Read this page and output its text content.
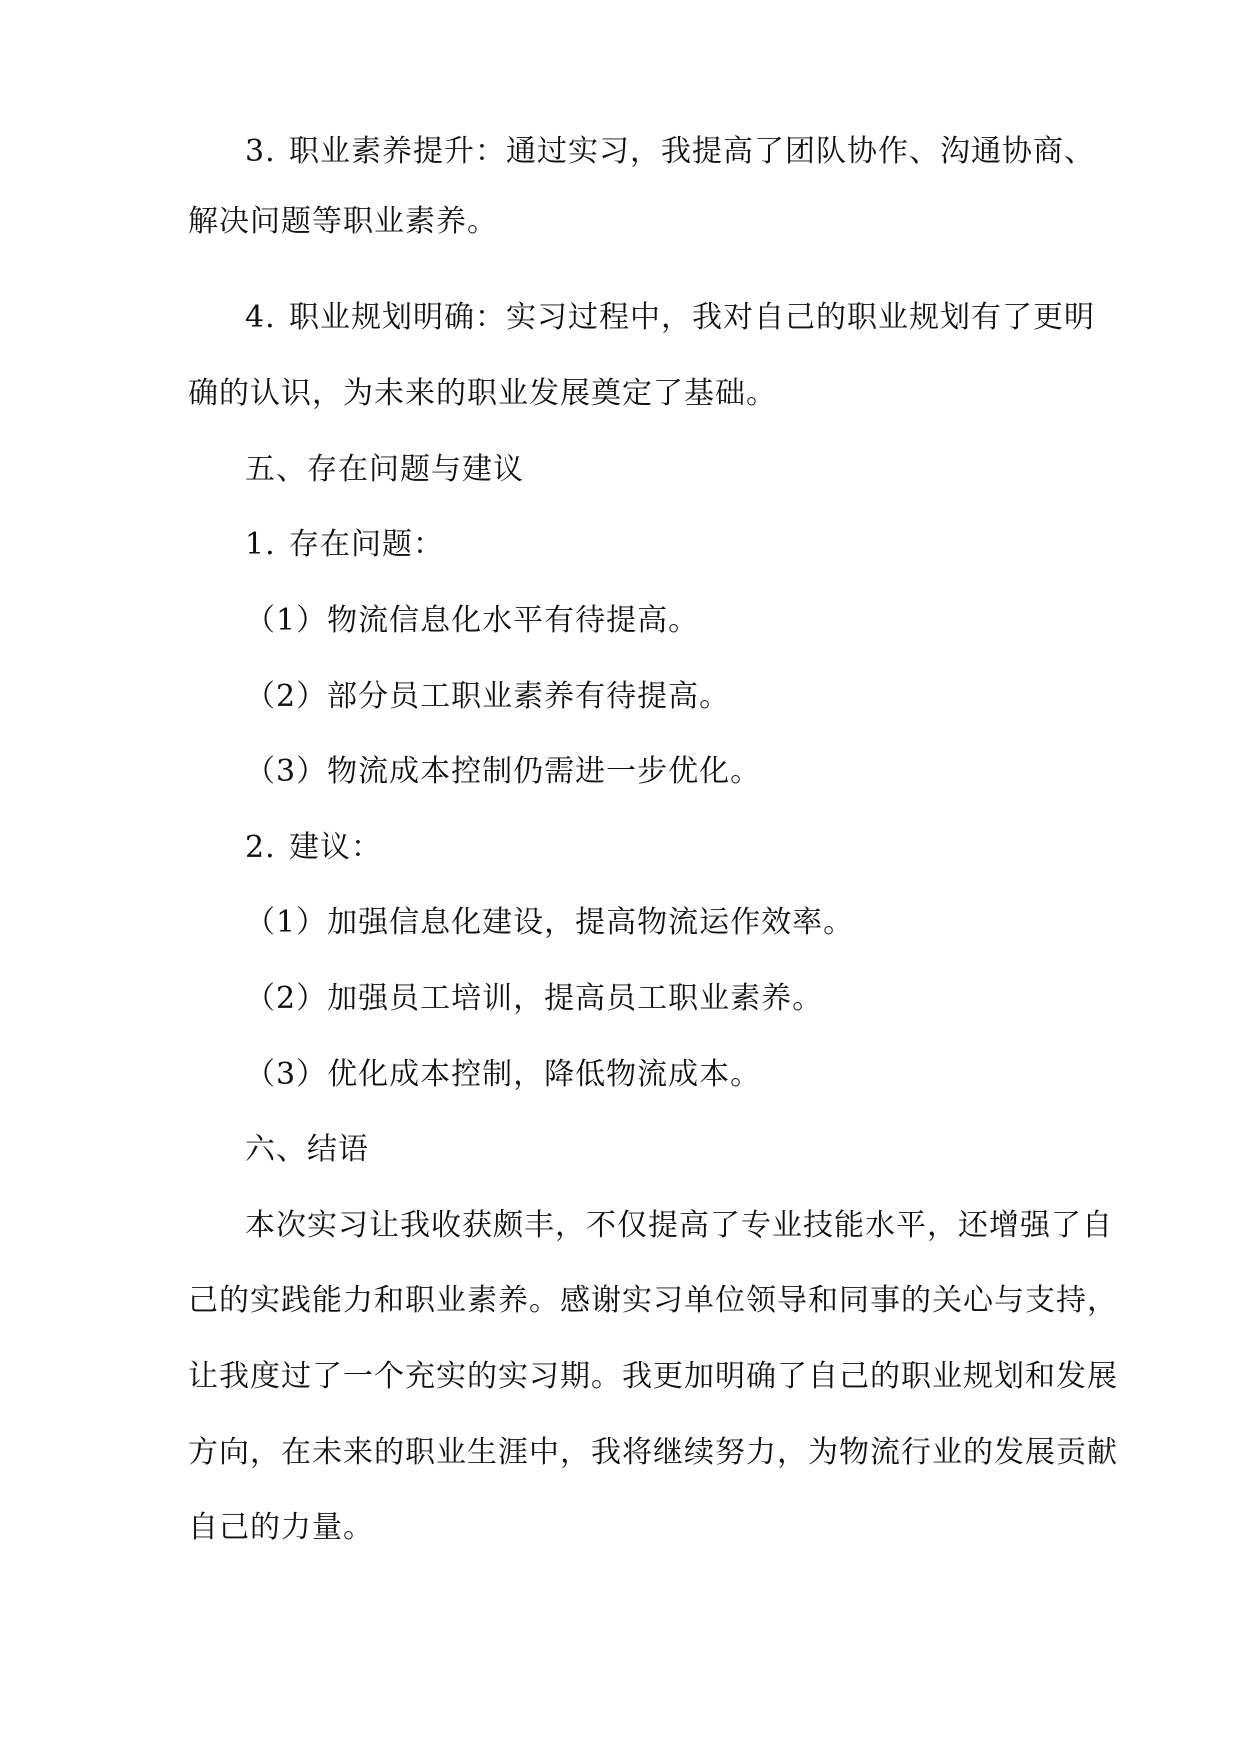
3. 职业素养提升：通过实习，我提高了团队协作、沟通协商、
解决问题等职业素养。
4. 职业规划明确：实习过程中，我对自己的职业规划有了更明
确的认识，为未来的职业发展奠定了基础。
五、存在问题与建议
1. 存在问题：
（1）物流信息化水平有待提高。
（2）部分员工职业素养有待提高。
（3）物流成本控制仍需进一步优化。
2. 建议：
（1）加强信息化建设，提高物流运作效率。
（2）加强员工培训，提高员工职业素养。
（3）优化成本控制，降低物流成本。
六、结语
本次实习让我收获颇丰，不仅提高了专业技能水平，还增强了自
己的实践能力和职业素养。感谢实习单位领导和同事的关心与支持，
让我度过了一个充实的实习期。我更加明确了自己的职业规划和发展
方向，在未来的职业生涯中，我将继续努力，为物流行业的发展贡献
自己的力量。
